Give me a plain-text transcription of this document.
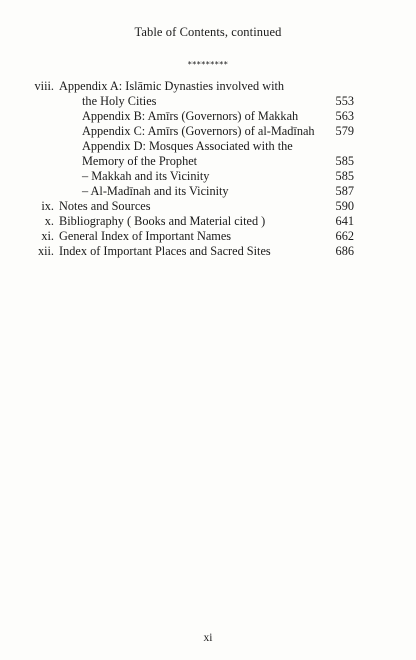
Table of Contents, continued
*********
viii. Appendix A: Islāmic Dynasties involved with
the Holy Cities	553
Appendix B: Amīrs (Governors) of Makkah	563
Appendix C: Amīrs (Governors) of al-Madīnah	579
Appendix D: Mosques Associated with the
Memory of the Prophet	585
– Makkah and its Vicinity	585
– Al-Madīnah and its Vicinity	587
ix. Notes and Sources	590
x. Bibliography ( Books and Material cited )	641
xi. General Index of Important Names	662
xii. Index of Important Places and Sacred Sites	686
xi
